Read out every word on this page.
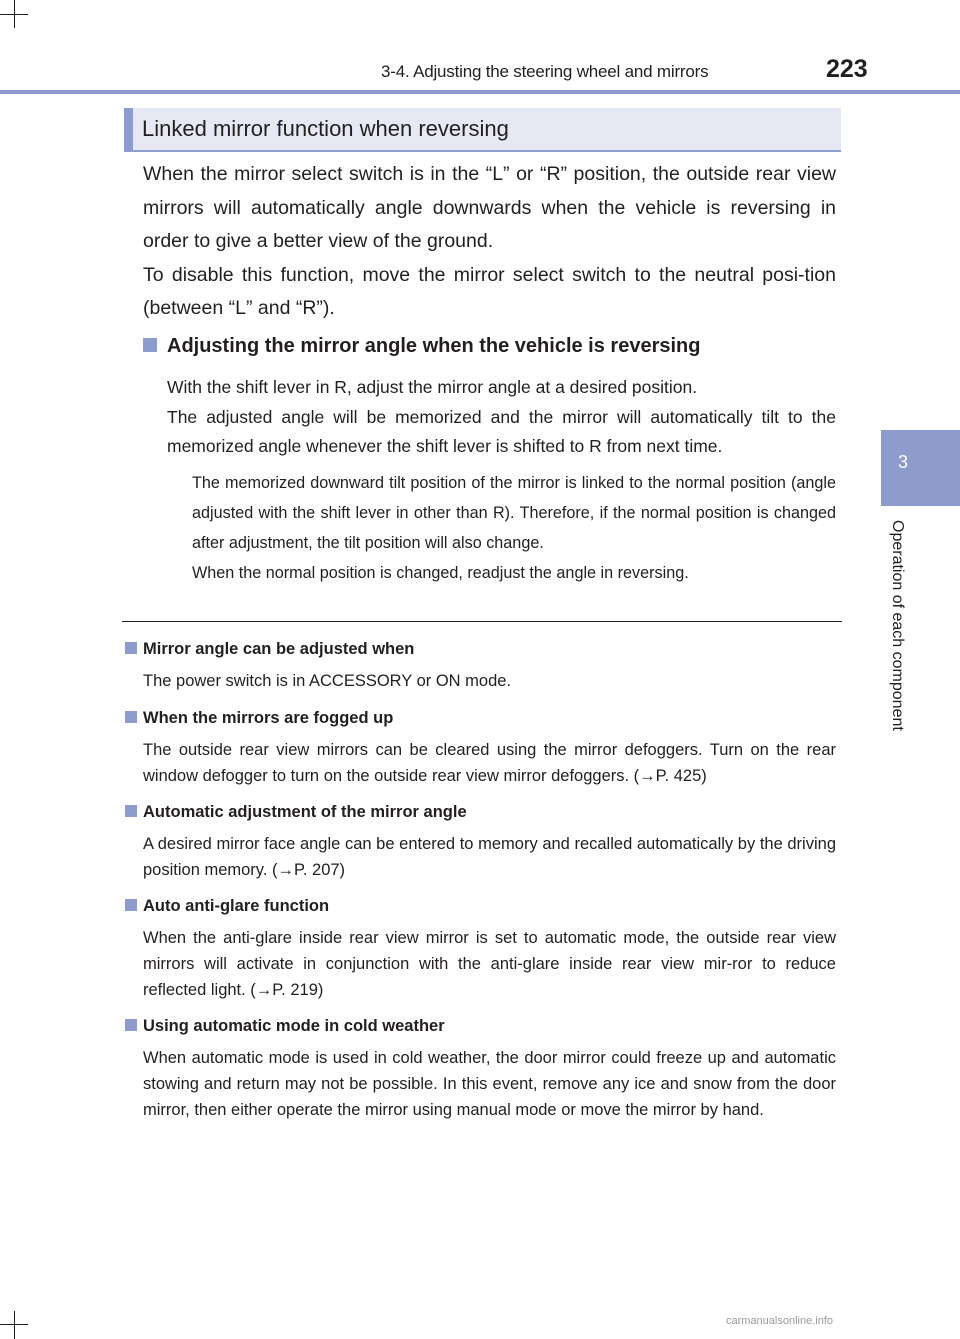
3-4. Adjusting the steering wheel and mirrors	223
3
Operation of each component
Linked mirror function when reversing
When the mirror select switch is in the “L” or “R” position, the outside rear view mirrors will automatically angle downwards when the vehicle is reversing in order to give a better view of the ground.
To disable this function, move the mirror select switch to the neutral posi-tion (between “L” and “R”).
Adjusting the mirror angle when the vehicle is reversing
With the shift lever in R, adjust the mirror angle at a desired position.
The adjusted angle will be memorized and the mirror will automatically tilt to the memorized angle whenever the shift lever is shifted to R from next time.
The memorized downward tilt position of the mirror is linked to the normal position (angle adjusted with the shift lever in other than R). Therefore, if the normal position is changed after adjustment, the tilt position will also change.
When the normal position is changed, readjust the angle in reversing.
Mirror angle can be adjusted when
The power switch is in ACCESSORY or ON mode.
When the mirrors are fogged up
The outside rear view mirrors can be cleared using the mirror defoggers. Turn on the rear window defogger to turn on the outside rear view mirror defoggers. (→P. 425)
Automatic adjustment of the mirror angle
A desired mirror face angle can be entered to memory and recalled automatically by the driving position memory. (→P. 207)
Auto anti-glare function
When the anti-glare inside rear view mirror is set to automatic mode, the outside rear view mirrors will activate in conjunction with the anti-glare inside rear view mir-ror to reduce reflected light. (→P. 219)
Using automatic mode in cold weather
When automatic mode is used in cold weather, the door mirror could freeze up and automatic stowing and return may not be possible. In this event, remove any ice and snow from the door mirror, then either operate the mirror using manual mode or move the mirror by hand.
carmanualsonline.info
